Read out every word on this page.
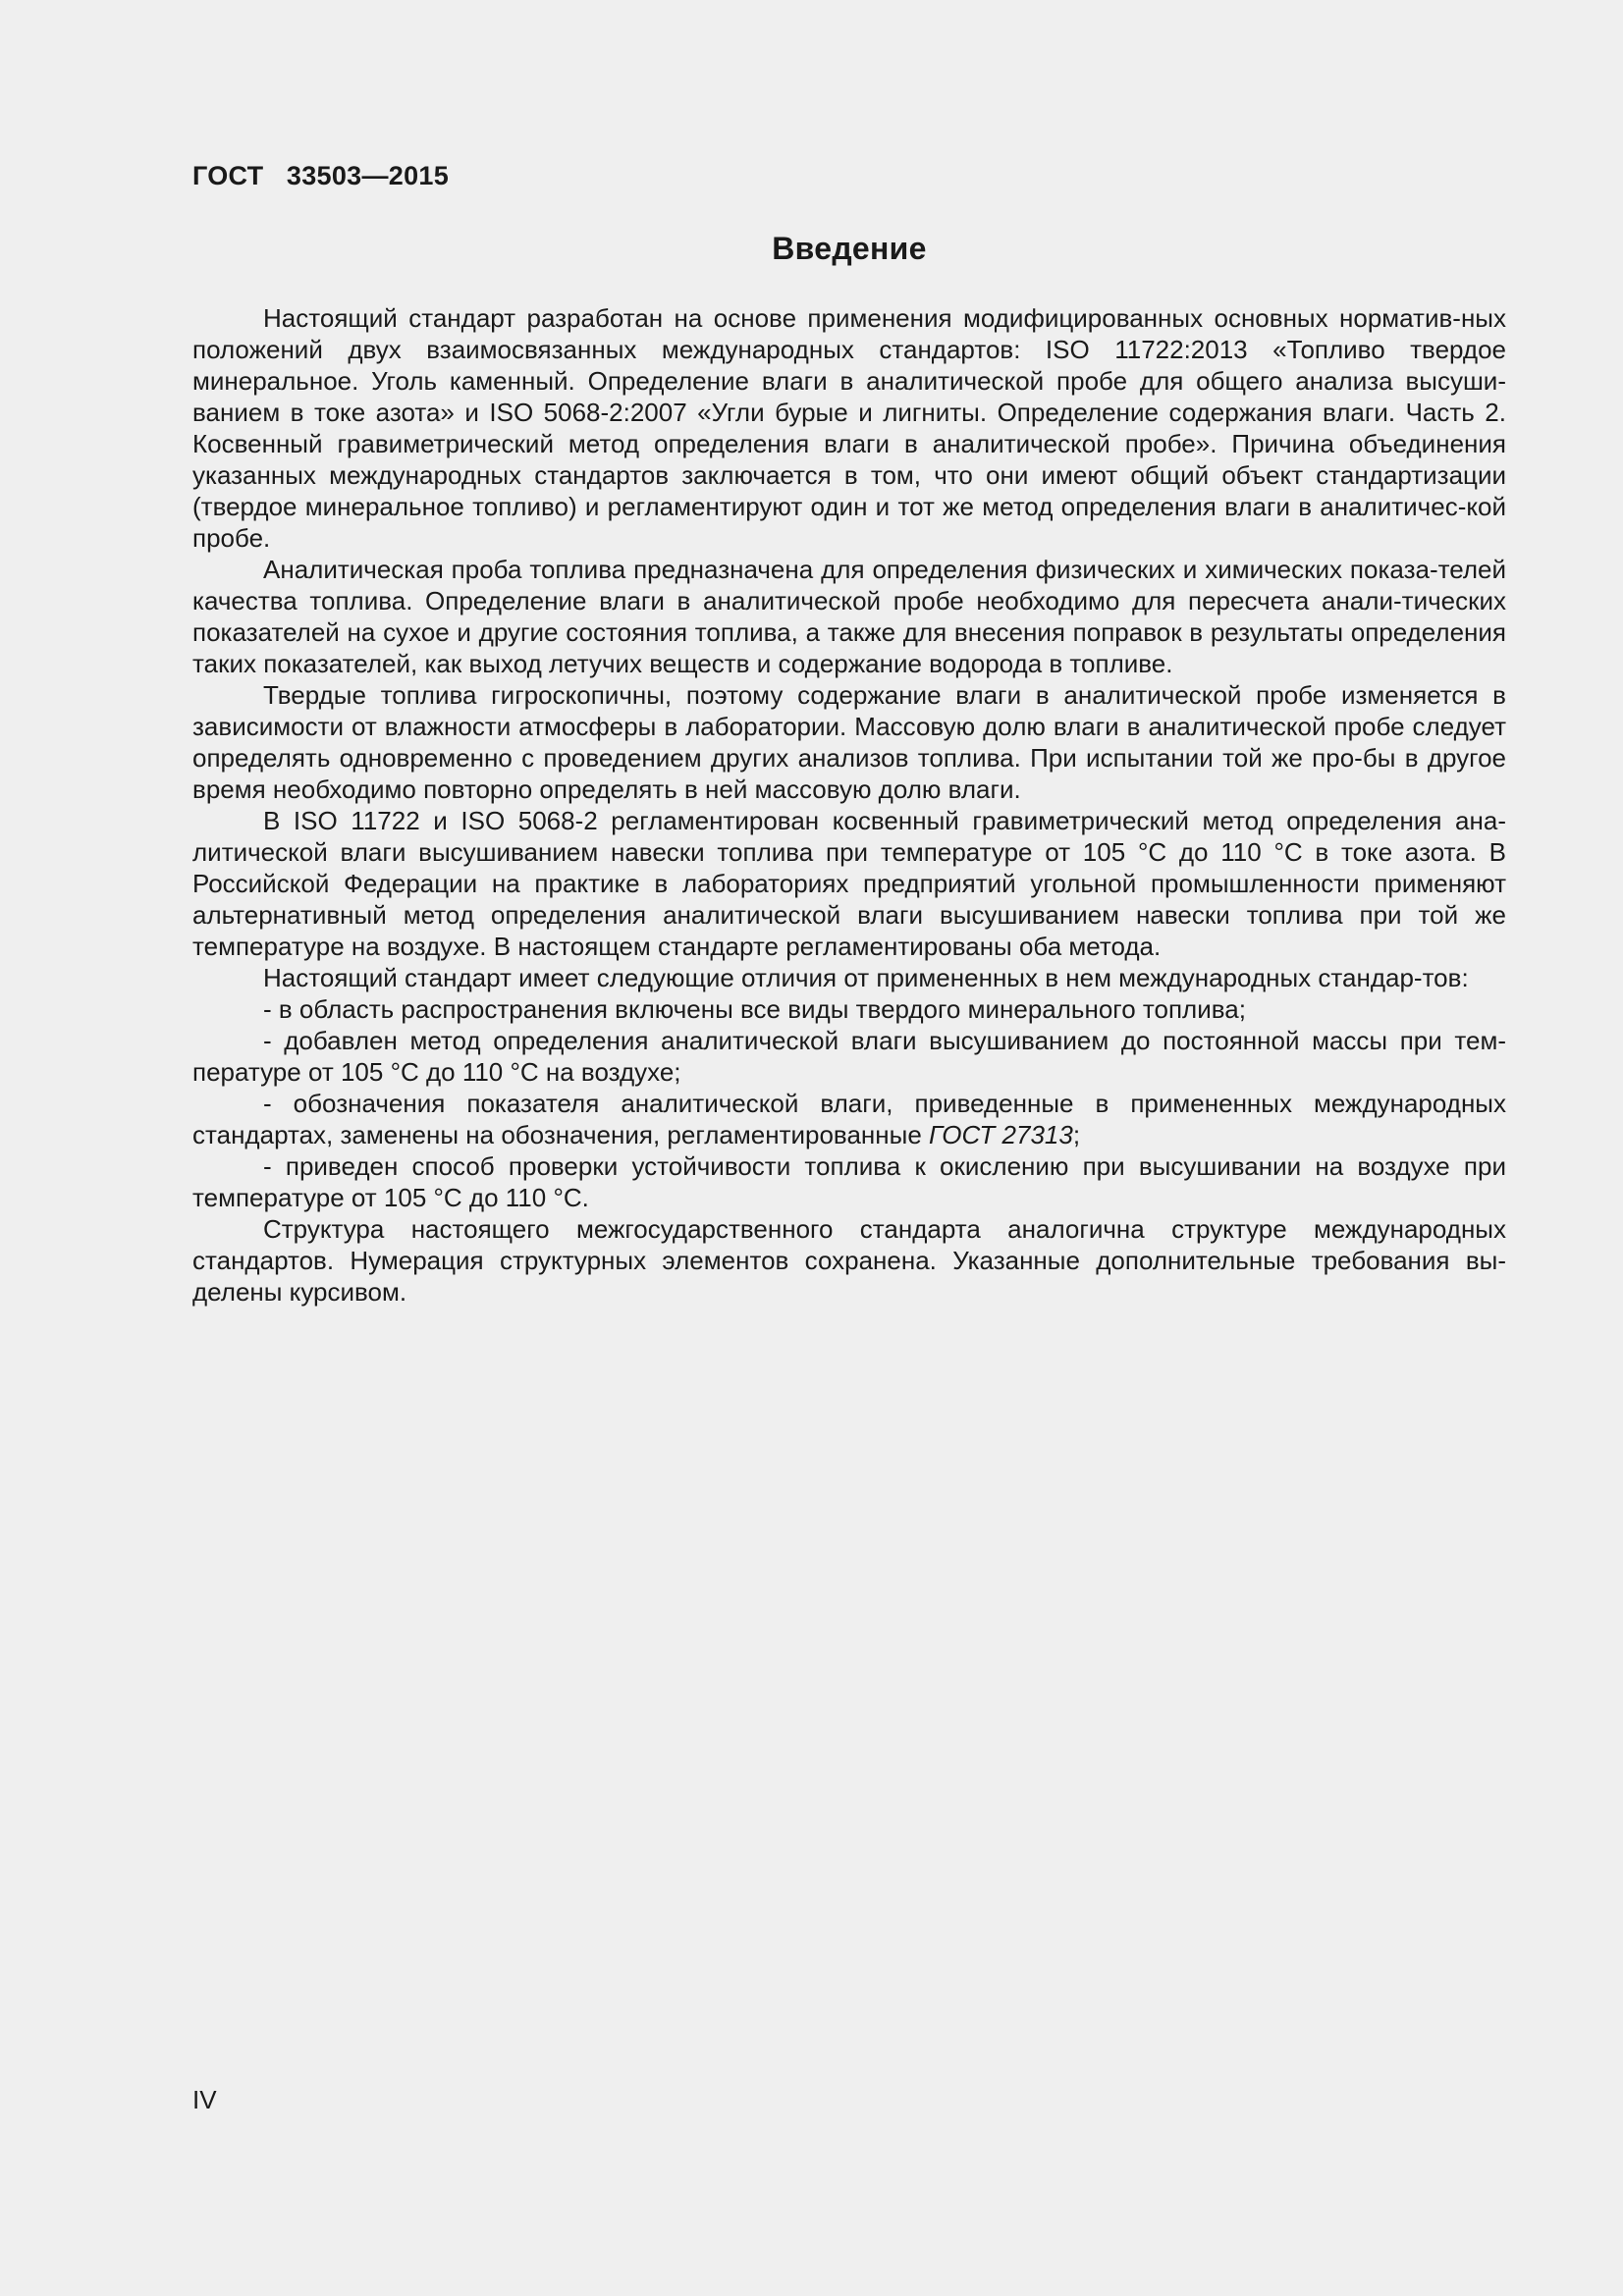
ГОСТ   33503—2015
Введение

Настоящий стандарт разработан на основе применения модифицированных основных норматив-ных положений двух взаимосвязанных международных стандартов: ISO 11722:2013 «Топливо твердое минеральное. Уголь каменный. Определение влаги в аналитической пробе для общего анализа высуши-ванием в токе азота» и ISO 5068-2:2007 «Угли бурые и лигниты. Определение содержания влаги. Часть 2. Косвенный гравиметрический метод определения влаги в аналитической пробе». Причина объединения указанных международных стандартов заключается в том, что они имеют общий объект стандартизации (твердое минеральное топливо) и регламентируют один и тот же метод определения влаги в аналитичес-кой пробе.

Аналитическая проба топлива предназначена для определения физических и химических показа-телей качества топлива. Определение влаги в аналитической пробе необходимо для пересчета анали-тических показателей на сухое и другие состояния топлива, а также для внесения поправок в результаты определения таких показателей, как выход летучих веществ и содержание водорода в топливе.

Твердые топлива гигроскопичны, поэтому содержание влаги в аналитической пробе изменяется в зависимости от влажности атмосферы в лаборатории. Массовую долю влаги в аналитической пробе следует определять одновременно с проведением других анализов топлива. При испытании той же про-бы в другое время необходимо повторно определять в ней массовую долю влаги.

В ISO 11722 и ISO 5068-2 регламентирован косвенный гравиметрический метод определения ана-литической влаги высушиванием навески топлива при температуре от 105 °С до 110 °С в токе азота. В Российской Федерации на практике в лабораториях предприятий угольной промышленности применяют альтернативный метод определения аналитической влаги высушиванием навески топлива при той же температуре на воздухе. В настоящем стандарте регламентированы оба метода.

Настоящий стандарт имеет следующие отличия от примененных в нем международных стандар-тов:

- в область распространения включены все виды твердого минерального топлива;

- добавлен метод определения аналитической влаги высушиванием до постоянной массы при тем-пературе от 105 °С до 110 °С на воздухе;

- обозначения показателя аналитической влаги, приведенные в примененных международных стандартах, заменены на обозначения, регламентированные ГОСТ 27313;

- приведен способ проверки устойчивости топлива к окислению при высушивании на воздухе при температуре от 105 °С до 110 °С.

Структура настоящего межгосударственного стандарта аналогична структуре международных стандартов. Нумерация структурных элементов сохранена. Указанные дополнительные требования вы-делены курсивом.

IV
